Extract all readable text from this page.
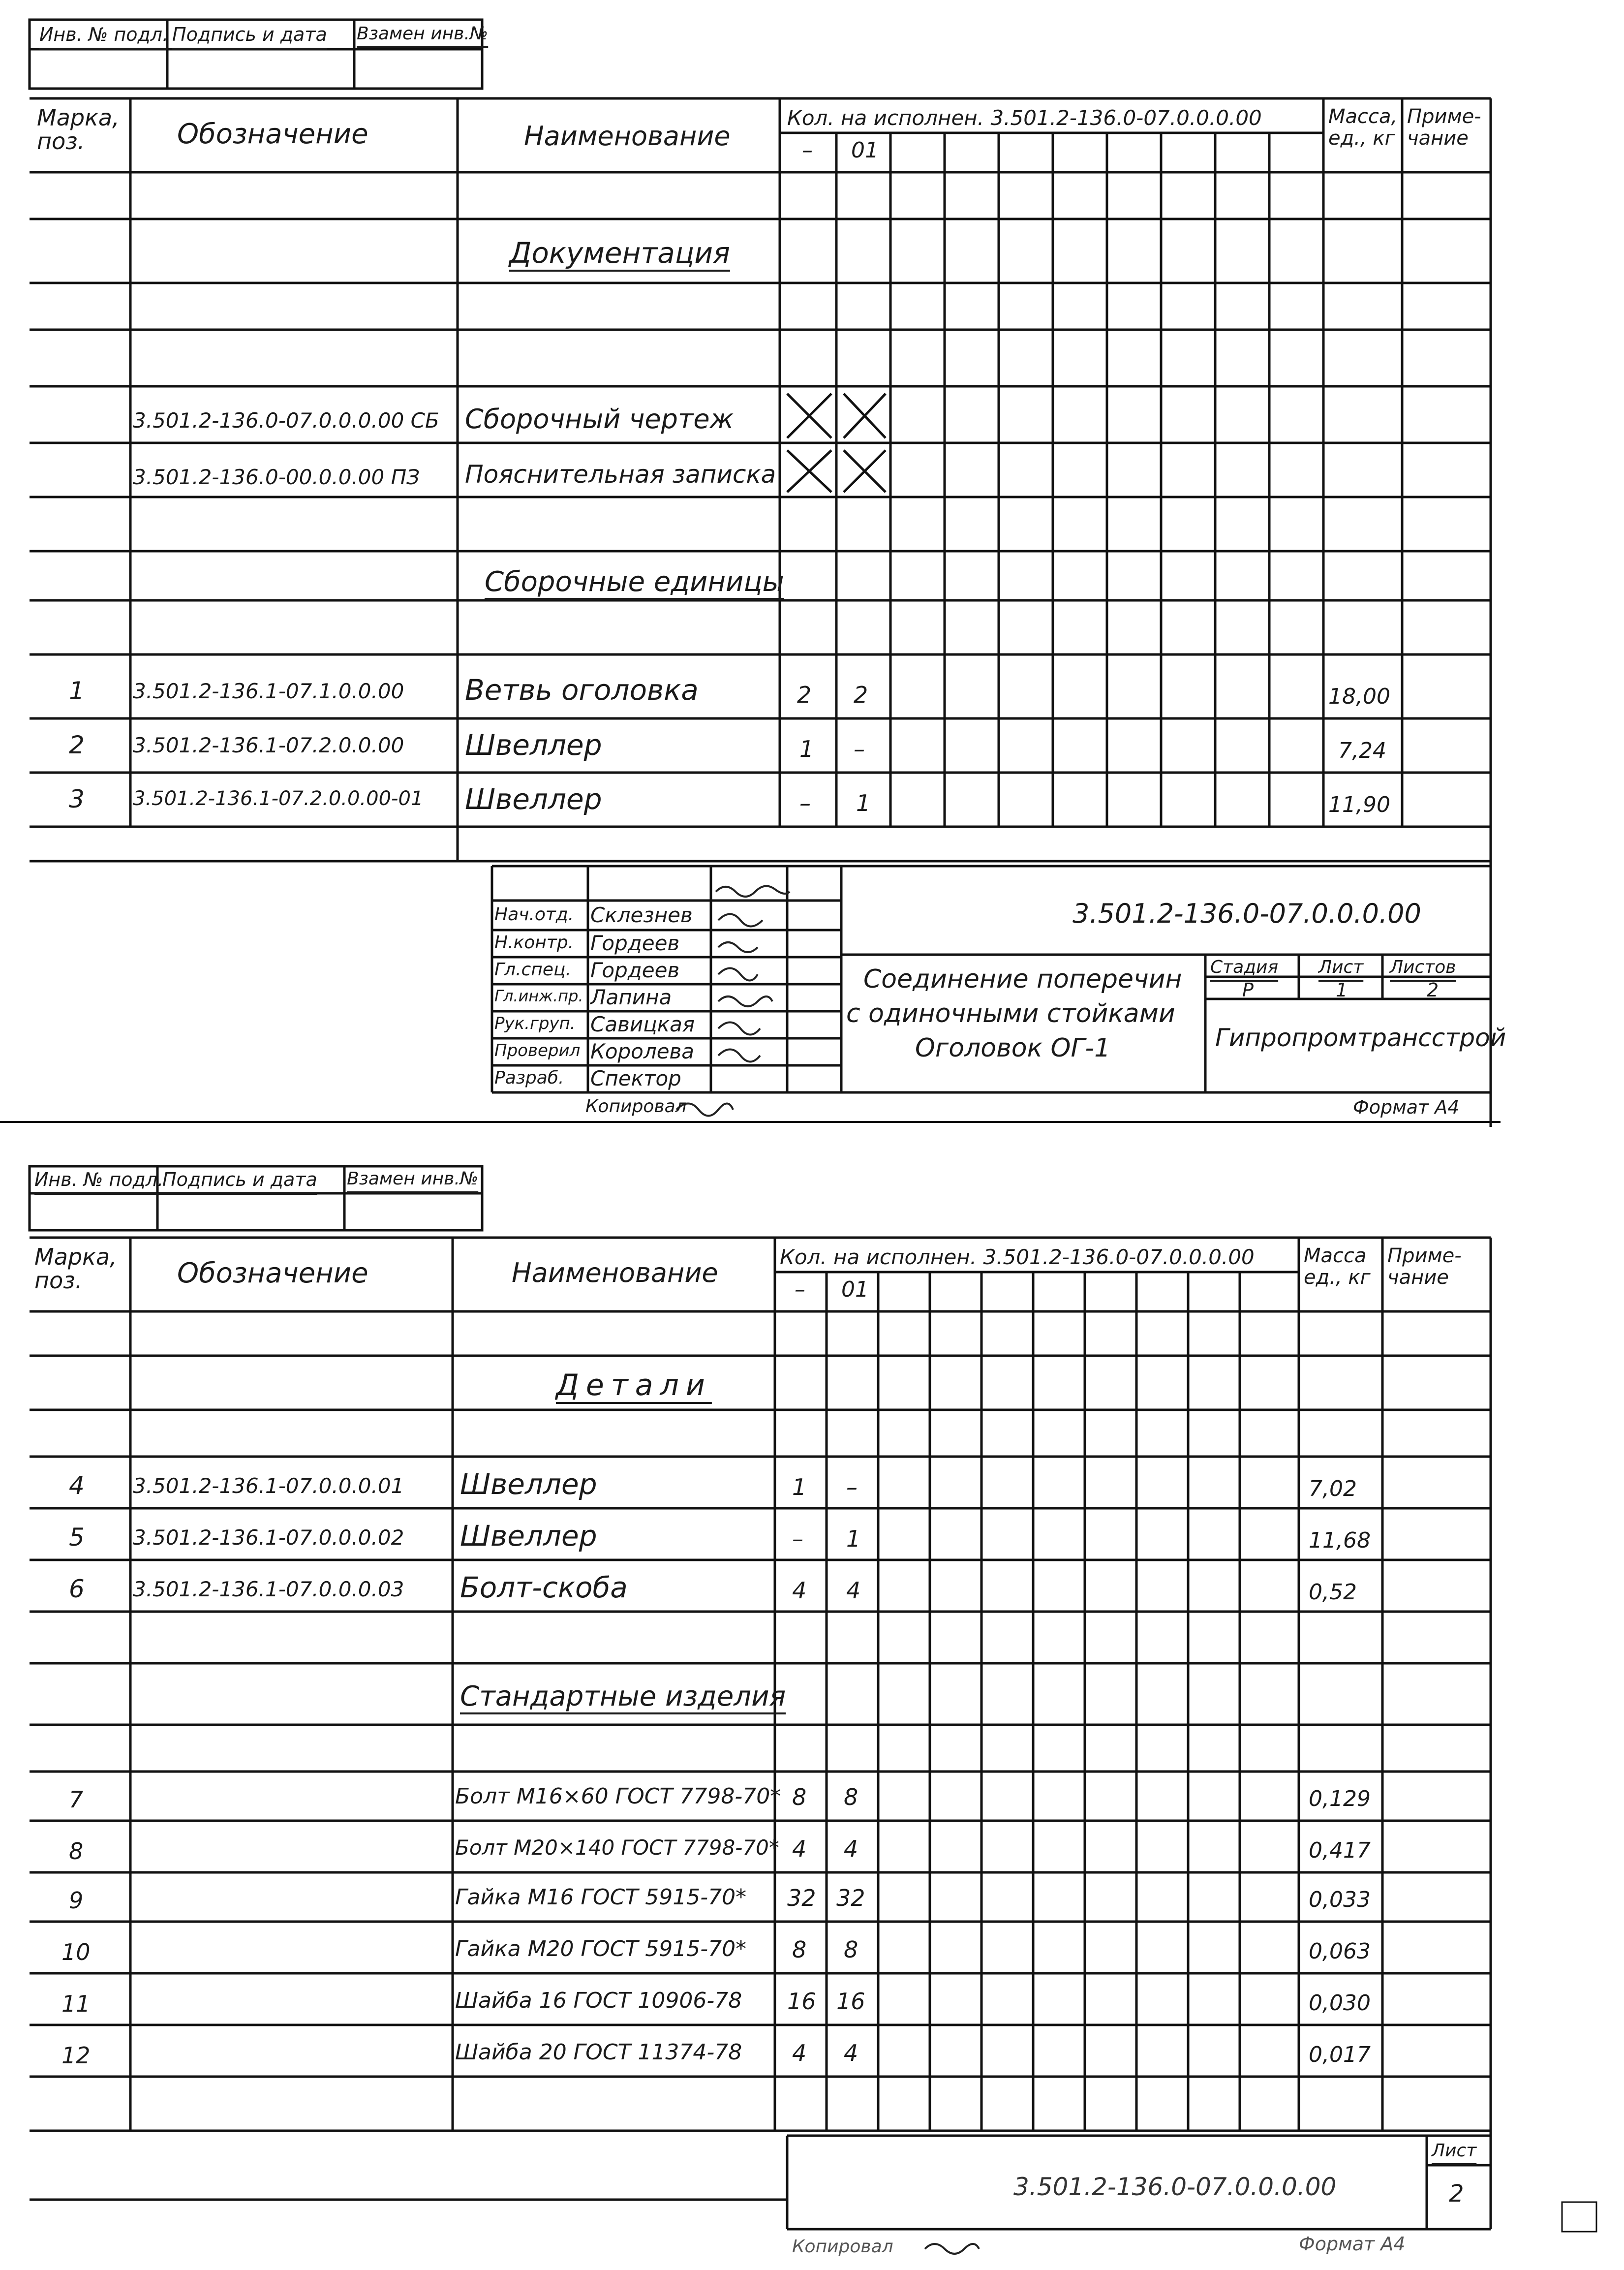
Инв. № подл. Подпись и дата Взамен инв.№
Марка, поз.	Обозначение	Наименование
Кол. на исполнен. 3.501.2-136.0-07.0.0.0.00
– 01
Масса, ед., кг
Приме- чание
Документация
Сборочные единицы
3.501.2-136.0-07.0.0.0.00 СБ Сборочный чертеж
3.501.2-136.0-00.0.0.00 ПЗ Пояснительная записка
1 3.501.2-136.1-07.1.0.0.00 Ветвь оголовка	2 2	18,00
2 3.501.2-136.1-07.2.0.0.00 Швеллер	1 –	7,24
3 3.501.2-136.1-07.2.0.0.00-01 Швеллер	– 1	11,90
Нач.отд. Склезнев
Н.контр. Гордеев
Гл.спец. Гордеев
Гл.инж.пр. Лапина
Рук.груп. Савицкая
Проверил Королева
Разраб. Спектор
3.501.2-136.0-07.0.0.0.00
Соединение поперечин
с одиночными стойками
Оголовок ОГ-1
Стадия Лист Листов
Р	1	2
Гипропромтрансстрой
Копировал	Формат А4
Инв. № подл.
Подпись и дата Взамен инв.№
Марка, поз.	Обозначение	Наименование
Кол. на исполнен. 3.501.2-136.0-07.0.0.0.00
– 01
Масса ед., кг
Приме- чание
Детали
Стандартные изделия
4 3.501.2-136.1-07.0.0.0.01 Швеллер	1 –	7,02
5 3.501.2-136.1-07.0.0.0.02 Швеллер	– 1	11,68
6 3.501.2-136.1-07.0.0.0.03 Болт-скоба	4 4	0,52
7	Болт М16×60 ГОСТ 7798-70* 8 8	0,129
8	Болт М20×140 ГОСТ 7798-70* 4 4	0,417
9	Гайка М16 ГОСТ 5915-70* 32 32	0,033
10	Гайка М20 ГОСТ 5915-70* 8 8	0,063
11	Шайба 16 ГОСТ 10906-78 16 16	0,030
12	Шайба 20 ГОСТ 11374-78 4 4	0,017
3.501.2-136.0-07.0.0.0.00
Лист
2
Копировал	Формат А4
